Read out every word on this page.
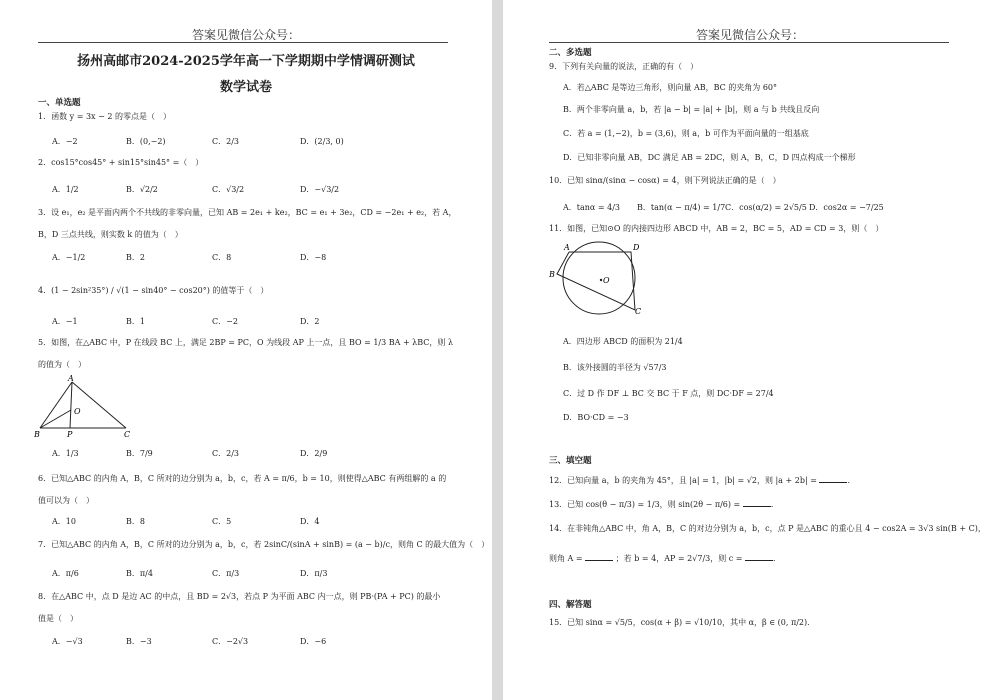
答案见微信公众号：
扬州高邮市2024-2025学年高一下学期期中学情调研测试
数学试卷
一、单选题
1．函数 y = 3x − 2 的零点是（　）
A．−2	B．(0,−2)	C．2/3	D．(2/3, 0)
2．cos15°cos45° + sin15°sin45° =（　）
A．1/2	B．√2/2	C．√3/2	D．−√3/2
3．设 e₁，e₂ 是平面内两个不共线的非零向量，已知 AB = 2e₁ + ke₂，BC = e₁ + 3e₂，CD = −2e₁ + e₂，若 A，
B，D 三点共线，则实数 k 的值为（　）
A．−1/2	B．2	C．8	D．−8
4．(1 − 2sin²35°) / √(1 − sin40° − cos20°) 的值等于（　）
A．−1	B．1	C．−2	D．2
5．如图，在△ABC 中，P 在线段 BC 上，满足 2BP = PC，O 为线段 AP 上一点，且 BO = 1/3 BA + λBC，则 λ
的值为（　）
A
B	C
P
O
A．1/3	B．7/9	C．2/3	D．2/9
6．已知△ABC 的内角 A，B，C 所对的边分别为 a，b，c，若 A = π/6，b = 10，则使得△ABC 有两组解的 a 的
值可以为（　）
A．10	B．8	C．5	D．4
7．已知△ABC 的内角 A，B，C 所对的边分别为 a，b，c，若 2sinC/(sinA + sinB) = (a − b)/c，则角 C 的最大值为（　）
A．π/6	B．π/4	C．π/3	D．π/3
8．在△ABC 中，点 D 是边 AC 的中点，且 BD = 2√3，若点 P 为平面 ABC 内一点，则 PB·(PA + PC) 的最小
值是（　）
A．−√3	B．−3	C．−2√3	D．−6
答案见微信公众号：
二、多选题
9．下列有关向量的说法，正确的有（　）
A．若△ABC 是等边三角形，则向量 AB，BC 的夹角为 60°
B．两个非零向量 a，b，若 |a − b| = |a| + |b|，则 a 与 b 共线且反向
C．若 a = (1,−2)，b = (3,6)，则 a，b 可作为平面向量的一组基底
D．已知非零向量 AB，DC 满足 AB = 2DC，则 A，B，C，D 四点构成一个梯形
10．已知 sinα/(sinα − cosα) = 4，则下列说法正确的是（　）
A．tanα = 4/3 B．tan(α − π/4) = 1/7 C．cos(α/2) = 2√5/5 D．cos2α = −7/25
11．如图，已知⊙O 的内接四边形 ABCD 中，AB = 2，BC = 5，AD = CD = 3，则（　）
A
B
C
D
O
A．四边形 ABCD 的面积为 21/4
B．该外接圆的半径为 √57/3
C．过 D 作 DF ⊥ BC 交 BC 于 F 点，则 DC·DF = 27/4
D．BO·CD = −3
三、填空题
12．已知向量 a，b 的夹角为 45°，且 |a| = 1，|b| = √2，则 |a + 2b| =	．
13．已知 cos(θ − π/3) = 1/3，则 sin(2θ − π/6) =	．
14．在非钝角△ABC 中，角 A，B，C 的对边分别为 a，b，c，点 P 是△ABC 的重心且 4 − cos2A = 3√3 sin(B + C)，
则角 A =	；若 b = 4，AP = 2√7/3，则 c =	．
四、解答题
15．已知 sinα = √5/5，cos(α + β) = √10/10，其中 α，β ∈ (0, π/2)．
